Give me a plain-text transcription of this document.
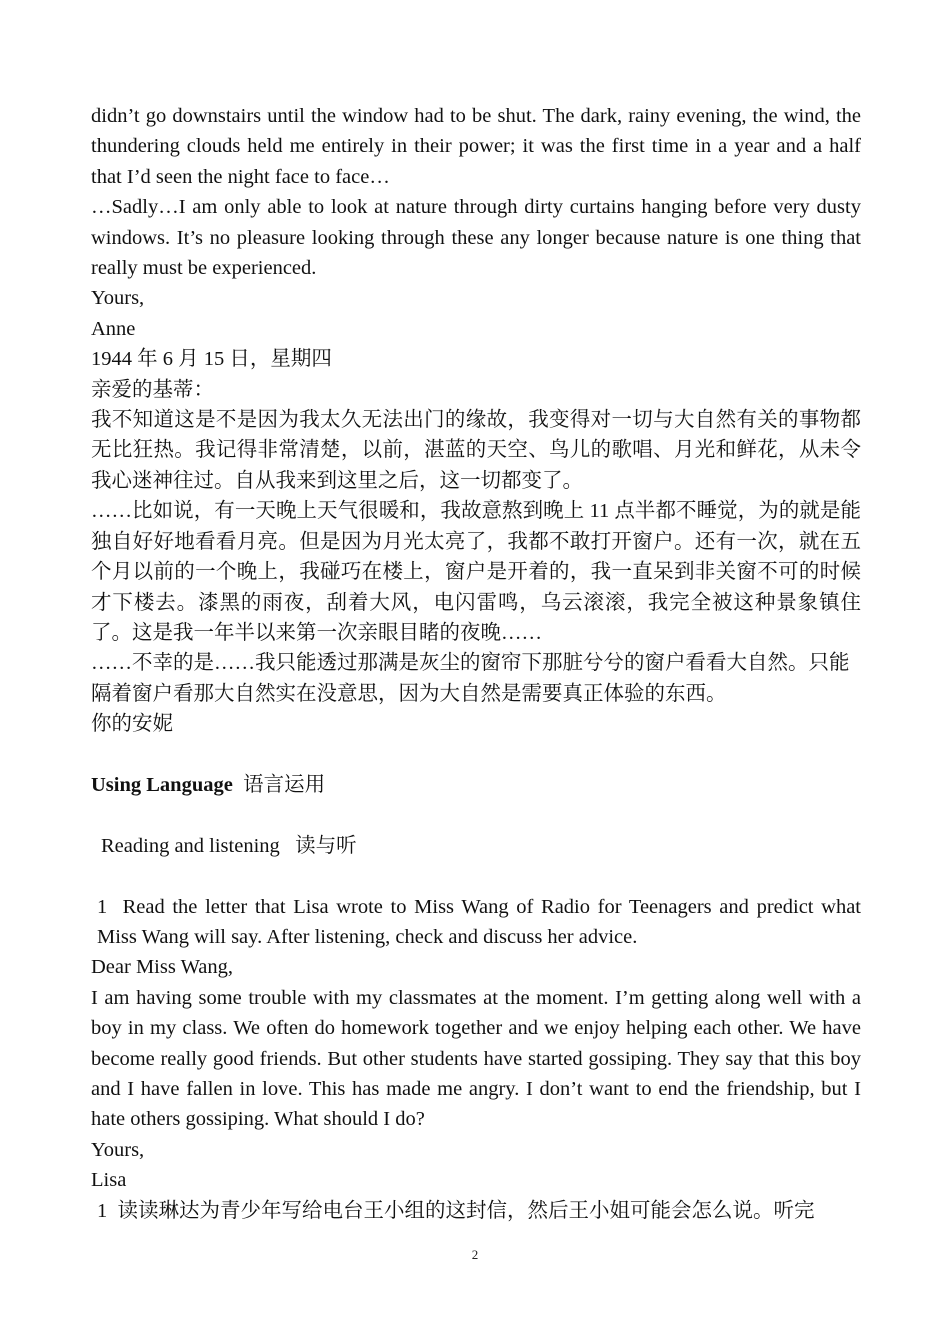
didn’t go downstairs until the window had to be shut. The dark, rainy evening, the wind, the thundering clouds held me entirely in their power; it was the first time in a year and a half that I’d seen the night face to face…

…Sadly…I am only able to look at nature through dirty curtains hanging before very dusty windows. It’s no pleasure looking through these any longer because nature is one thing that really must be experienced.

Yours,

Anne

1944 年 6 月 15 日，星期四

亲爱的基蒂：

我不知道这是不是因为我太久无法出门的缘故，我变得对一切与大自然有关的事物都无比狂热。我记得非常清楚，以前，湛蓝的天空、鸟儿的歌唱、月光和鲜花，从未令我心迷神往过。自从我来到这里之后，这一切都变了。

……比如说，有一天晚上天气很暖和，我故意熬到晚上 11 点半都不睡觉，为的就是能独自好好地看看月亮。但是因为月光太亮了，我都不敢打开窗户。还有一次，就在五个月以前的一个晚上，我碰巧在楼上，窗户是开着的，我一直呆到非关窗不可的时候才下楼去。漆黑的雨夜，刮着大风，电闪雷鸣，乌云滚滚，我完全被这种景象镇住了。这是我一年半以来第一次亲眼目睹的夜晚……

……不幸的是……我只能透过那满是灰尘的窗帘下那脏兮兮的窗户看看大自然。只能隔着窗户看那大自然实在没意思，因为大自然是需要真正体验的东西。

你的安妮

Using Language 语言运用

Reading and listening 读与听

1 Read the letter that Lisa wrote to Miss Wang of Radio for Teenagers and predict what Miss Wang will say. After listening, check and discuss her advice.

Dear Miss Wang,

I am having some trouble with my classmates at the moment. I’m getting along well with a boy in my class. We often do homework together and we enjoy helping each other. We have become really good friends. But other students have started gossiping. They say that this boy and I have fallen in love. This has made me angry. I don’t want to end the friendship, but I hate others gossiping. What should I do?

Yours,

Lisa

1 读读琳达为青少年写给电台王小组的这封信，然后王小姐可能会怎么说。听完

2
